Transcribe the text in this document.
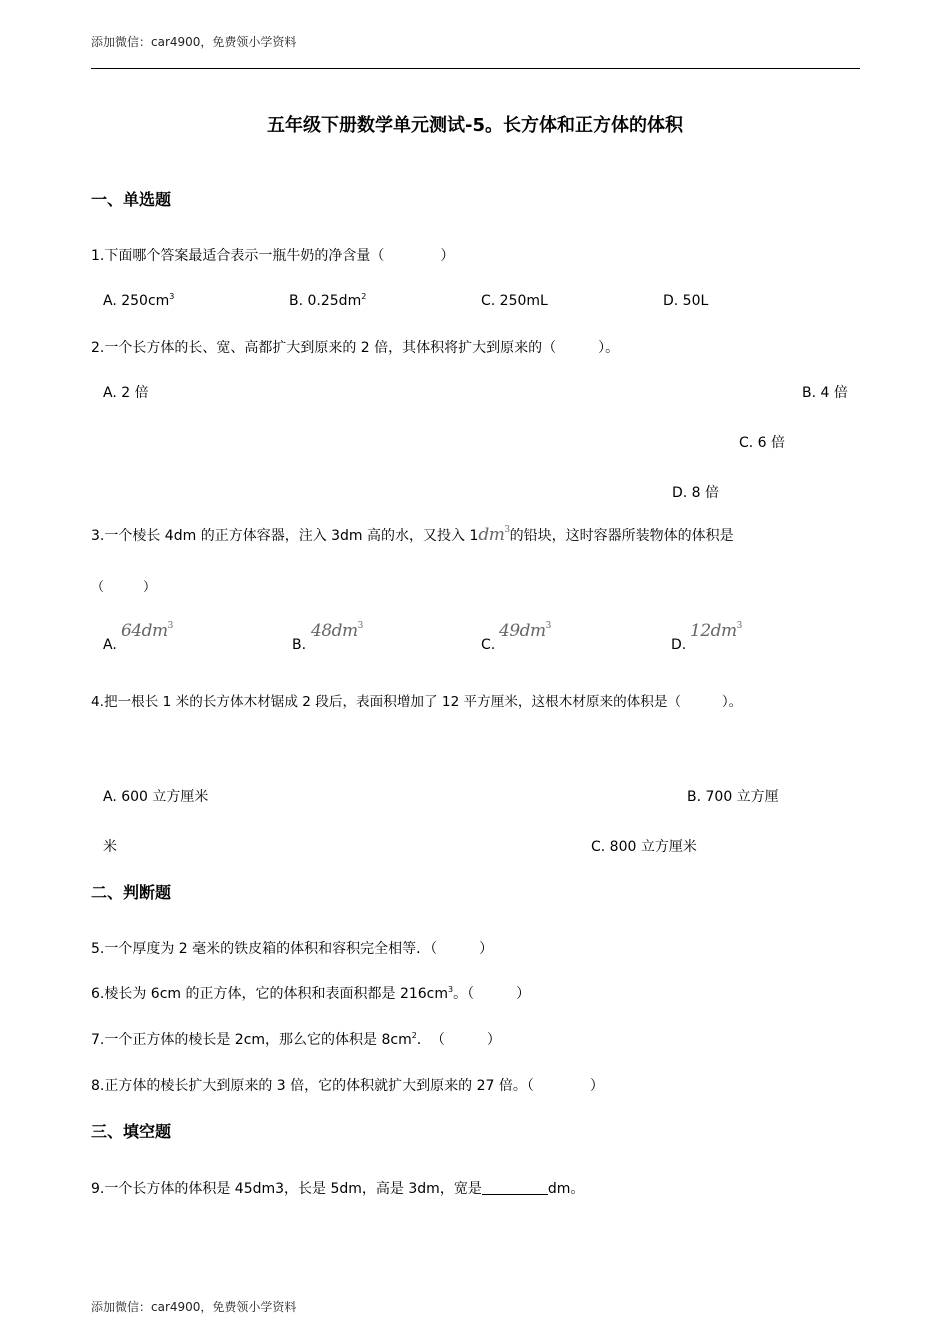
添加微信：car4900，免费领小学资料
五年级下册数学单元测试-5。长方体和正方体的体积
一、单选题
1.下面哪个答案最适合表示一瓶牛奶的净含量（　　　　）
A. $250cm^3$	B. $0.25dm^2$	C. 250mL	D. 50L
2.一个长方体的长、宽、高都扩大到原来的 2 倍，其体积将扩大到原来的（　　　）。
A. 2 倍	B. 4 倍
C. 6 倍
D. 8 倍
3.一个棱长 4dm 的正方体容器，注入 3dm 高的水，又投入 $1dm^3$的铅块，这时容器所装物体的体积是
（　　　）
A.
$64dm^3$
B.
$48dm^3$
C.
$49dm^3$
D.
$12dm^3$
4.把一根长 1 米的长方体木材锯成 2 段后，表面积增加了 12 平方厘米，这根木材原来的体积是（　　　）。
A. 600 立方厘米	B. 700 立方厘
米	C. 800 立方厘米
二、判断题
5.一个厚度为 2 毫米的铁皮箱的体积和容积完全相等．（　　　）
6.棱长为 6cm 的正方体，它的体积和表面积都是 $216cm^3$。（　　　）
7.一个正方体的棱长是 2cm，那么它的体积是 $8cm^2$．　（　　　）
8.正方体的棱长扩大到原来的 3 倍，它的体积就扩大到原来的 27 倍。（　　　　）
三、填空题
9.一个长方体的体积是 45dm3，长是 5dm，高是 3dm，宽是	dm。
添加微信：car4900，免费领小学资料
